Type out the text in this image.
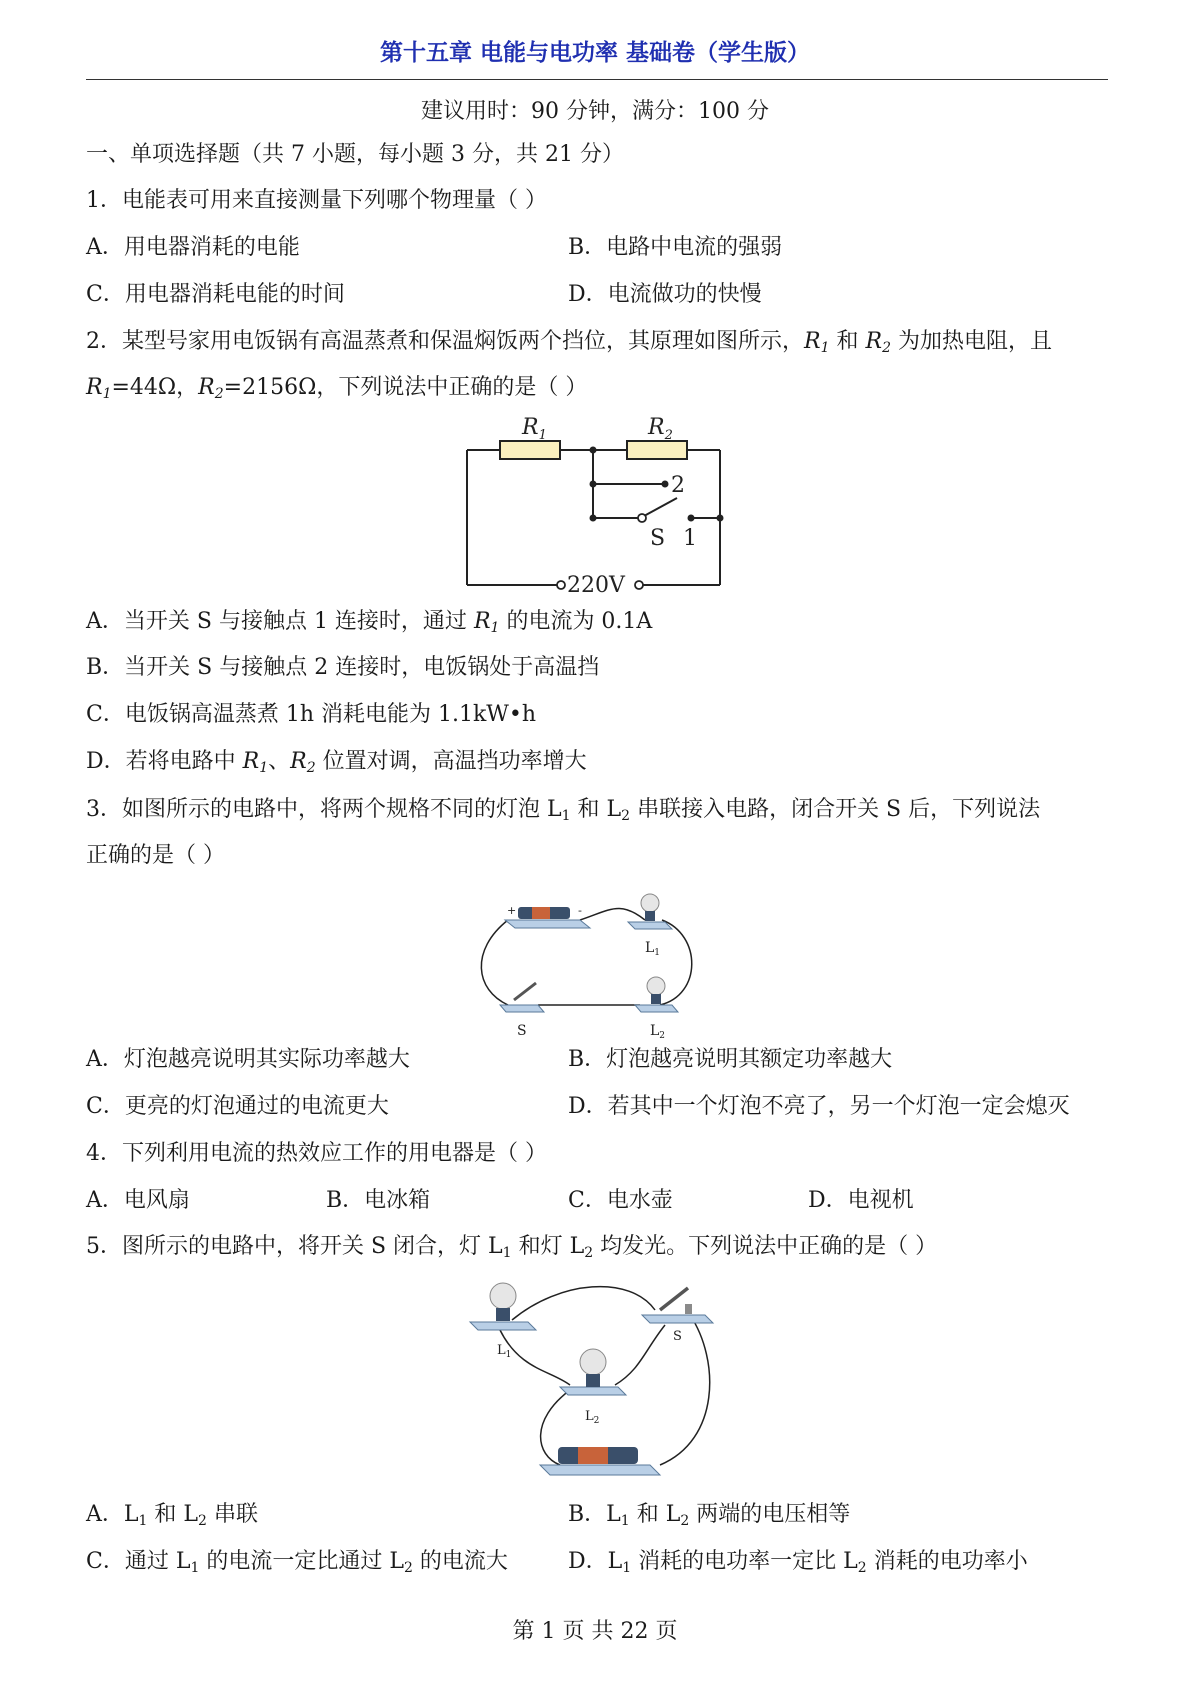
第十五章 电能与电功率 基础卷（学生版）
建议用时：90 分钟，满分：100 分
一、单项选择题（共 7 小题，每小题 3 分，共 21 分）
1．电能表可用来直接测量下列哪个物理量（ ）
A．用电器消耗的电能	B．电路中电流的强弱
C．用电器消耗电能的时间	D．电流做功的快慢
2．某型号家用电饭锅有高温蒸煮和保温焖饭两个挡位，其原理如图所示，$R_1$ 和 $R_2$ 为加热电阻，且
$R_1=44\Omega$，$R_2=2156\Omega$，下列说法中正确的是（ ）
$R_1$	$R_2$
2
S 1
220V
A．当开关 S 与接触点 1 连接时，通过 $R_1$ 的电流为 0.1A
B．当开关 S 与接触点 2 连接时，电饭锅处于高温挡
C．电饭锅高温蒸煮 1h 消耗电能为 1.1kW•h
D．若将电路中 $R_1$、$R_2$ 位置对调，高温挡功率增大
3．如图所示的电路中，将两个规格不同的灯泡 $L_1$ 和 $L_2$ 串联接入电路，闭合开关 S 后，下列说法
正确的是（ ）
+	-
$L_1$
S	$L_2$
A．灯泡越亮说明其实际功率越大	B．灯泡越亮说明其额定功率越大
C．更亮的灯泡通过的电流更大	D．若其中一个灯泡不亮了，另一个灯泡一定会熄灭
4．下列利用电流的热效应工作的用电器是（ ）
A．电风扇	B．电冰箱	C．电水壶	D．电视机
5．图所示的电路中，将开关 S 闭合，灯 $L_1$ 和灯 $L_2$ 均发光。下列说法中正确的是（ ）
$L_1$
S
$L_2$
A．$L_1$ 和 $L_2$ 串联	B．$L_1$ 和 $L_2$ 两端的电压相等
C．通过 $L_1$ 的电流一定比通过 $L_2$ 的电流大	D．$L_1$ 消耗的电功率一定比 $L_2$ 消耗的电功率小
第 1 页 共 22 页
